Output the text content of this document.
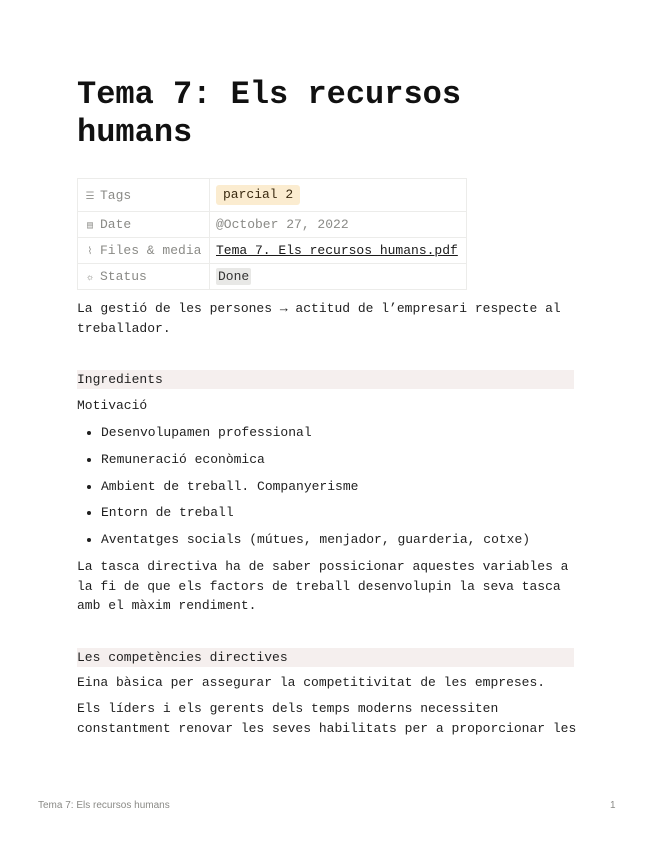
Tema 7: Els recursos humans
☰ Tags	parcial 2
▤ Date	@October 27, 2022
⌇ Files & media	Tema 7. Els recursos humans.pdf
☼ Status	Done

La gestió de les persones → actitud de l’empresari respecte al treballador.

Ingredients

Motivació

Desenvolupamen professional
Remuneració econòmica
Ambient de treball. Companyerisme
Entorn de treball
Aventatges socials (mútues, menjador, guarderia, cotxe)

La tasca directiva ha de saber possicionar aquestes variables a la fi de que els factors de treball desenvolupin la seva tasca amb el màxim rendiment.

Les competències directives

Eina bàsica per assegurar la competitivitat de les empreses.

Els líders i els gerents dels temps moderns necessiten constantment renovar les seves habilitats per a proporcionar les

Tema 7: Els recursos humans	1
